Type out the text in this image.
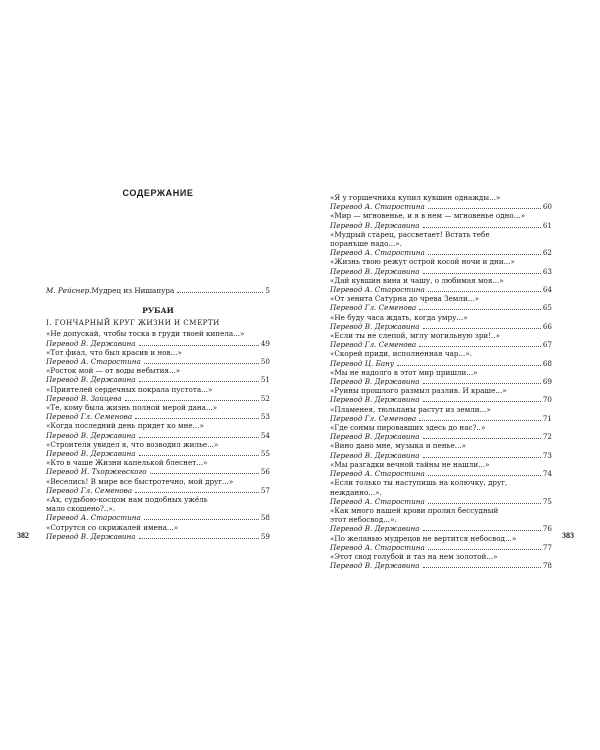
СОДЕРЖАНИЕ
М. Рейснер. Мудрец из Нишапура	5
РУБАИ
I. ГОНЧАРНЫЙ КРУГ ЖИЗНИ И СМЕРТИ
«Не допускай, чтобы тоска в груди твоей кипела...»
Перевод В. Державина	49
«Тот фиал, что был красив и нов...»
Перевод А. Старостина	50
«Росток мой — от воды небытия...»
Перевод В. Державина	51
«Приятелей сердечных покрала пустота...»
Перевод В. Зайцева	52
«Те, кому была жизнь полной мерой дана...»
Перевод Гл. Семенова	53
«Когда последний день придет ко мне...»
Перевод В. Державина	54
«Строителя увидел я, что возводил жилье...»
Перевод В. Державина	55
«Кто в чаше Жизни капелькой блеснет...»
Перевод И. Тхоржевского	56
«Веселись! В мире все быстротечно, мой друг...»
Перевод Гл. Семенова	57
«Ах, судьбою-косцом нам подобных уже́ль
мало скошено?..».
Перевод А. Старостина	58
«Сотрутся со скрижалей имена...»
Перевод В. Державина	59
382
«Я у горшечника купил кувшин однажды...»
Перевод А. Старостина	60
«Мир — мгновенье, и я в нем — мгновенье одно...»
Перевод В. Державина	61
«Мудрый старец, рассветает! Встать тебе
поранъше надо...».
Перевод А. Старостина	62
«Жизнь твою режут острой косой ночи и дни...»
Перевод В. Державина	63
«Дай кувшин вина и чашу, о любимая моя...»
Перевод А. Старостина	64
«От зенита Сатурна до чрева Земли...»
Перевод Гл. Семенова	65
«Не буду часа ждать, когда умру...»
Перевод В. Державина	66
«Если ты не слепой, мглу могильную зри!..»
Перевод Гл. Семенова	67
«Скорей приди, исполненная чар...».
Перевод Ц. Бану	68
«Мы не надолго в этот мир пришли...»
Перевод В. Державина	69
«Руины прошлого размыл разлив. И краше...»
Перевод В. Державина	70
«Пламенея, тюльпаны растут из земли...»
Перевод Гл. Семенова	71
«Где сонмы пировавших здесь до нас?..»
Перевод В. Державина	72
«Вино дано мне, музыка и пенье...»
Перевод В. Державина	73
«Мы разгадки вечной тайны не нашли...»
Перевод А. Старостина	74
«Если только ты наступишь на колючку, друг,
нежданно...».
Перевод А. Старостина	75
«Как много нашей крови пролил бессудный
этот небосвод...».
Перевод В. Державина	76
«По желанью мудрецов не вертится небосвод...»
Перевод А. Старостина	77
«Этот свод голубой и таз на нем золотой...»
Перевод В. Державина	78
383
